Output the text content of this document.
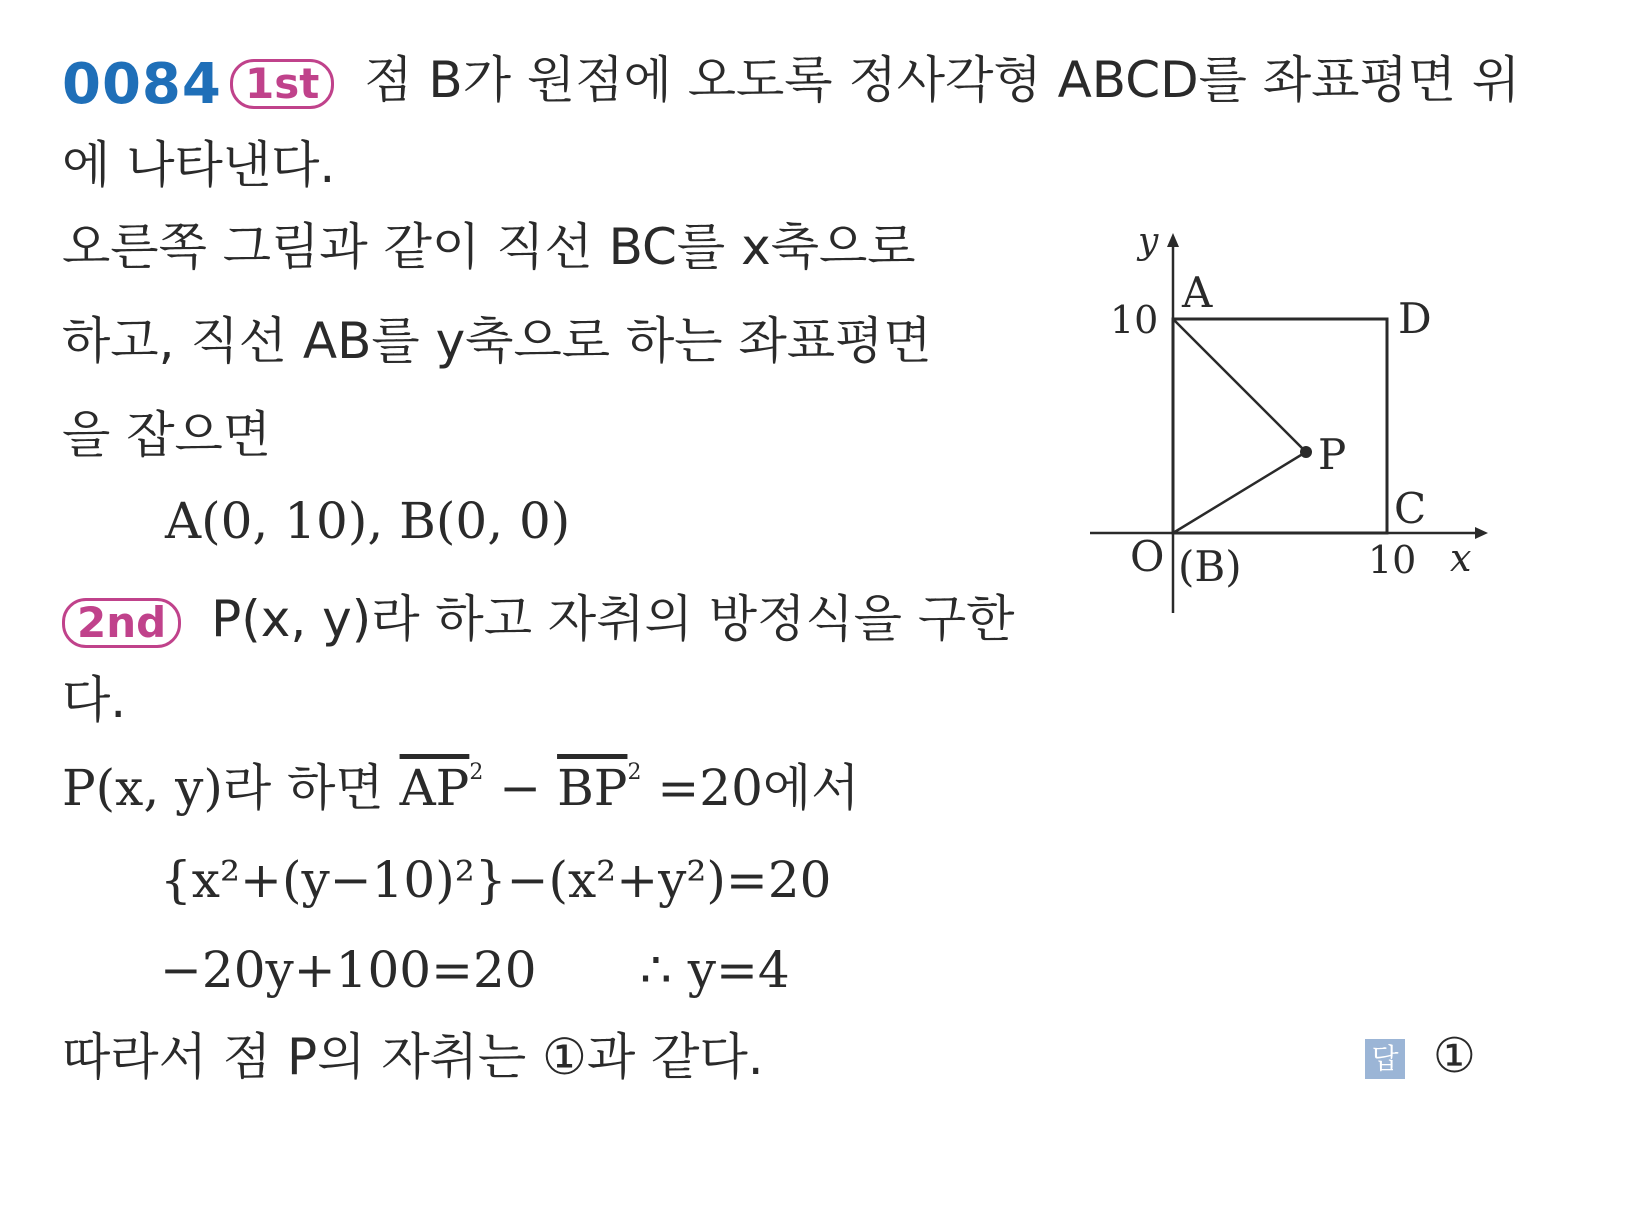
0084 1st 점 B가 원점에 오도록 정사각형 ABCD를 좌표평면 위
에 나타낸다.
오른쪽 그림과 같이 직선 BC를 x축으로
하고, 직선 AB를 y축으로 하는 좌표평면
을 잡으면
A(0, 10), B(0, 0)
2nd P(x, y)라 하고 자취의 방정식을 구한
다.
P(x, y)라 하면 $\overline{AP}^2 - \overline{BP}^2 =20$에서
{x²+(y−10)²}−(x²+y²)=20
−20y+100=20 ∴ y=4
따라서 점 P의 자취는 ①과 같다.	답 ①
y
A
10	D
P
C
O (B)	10 x
